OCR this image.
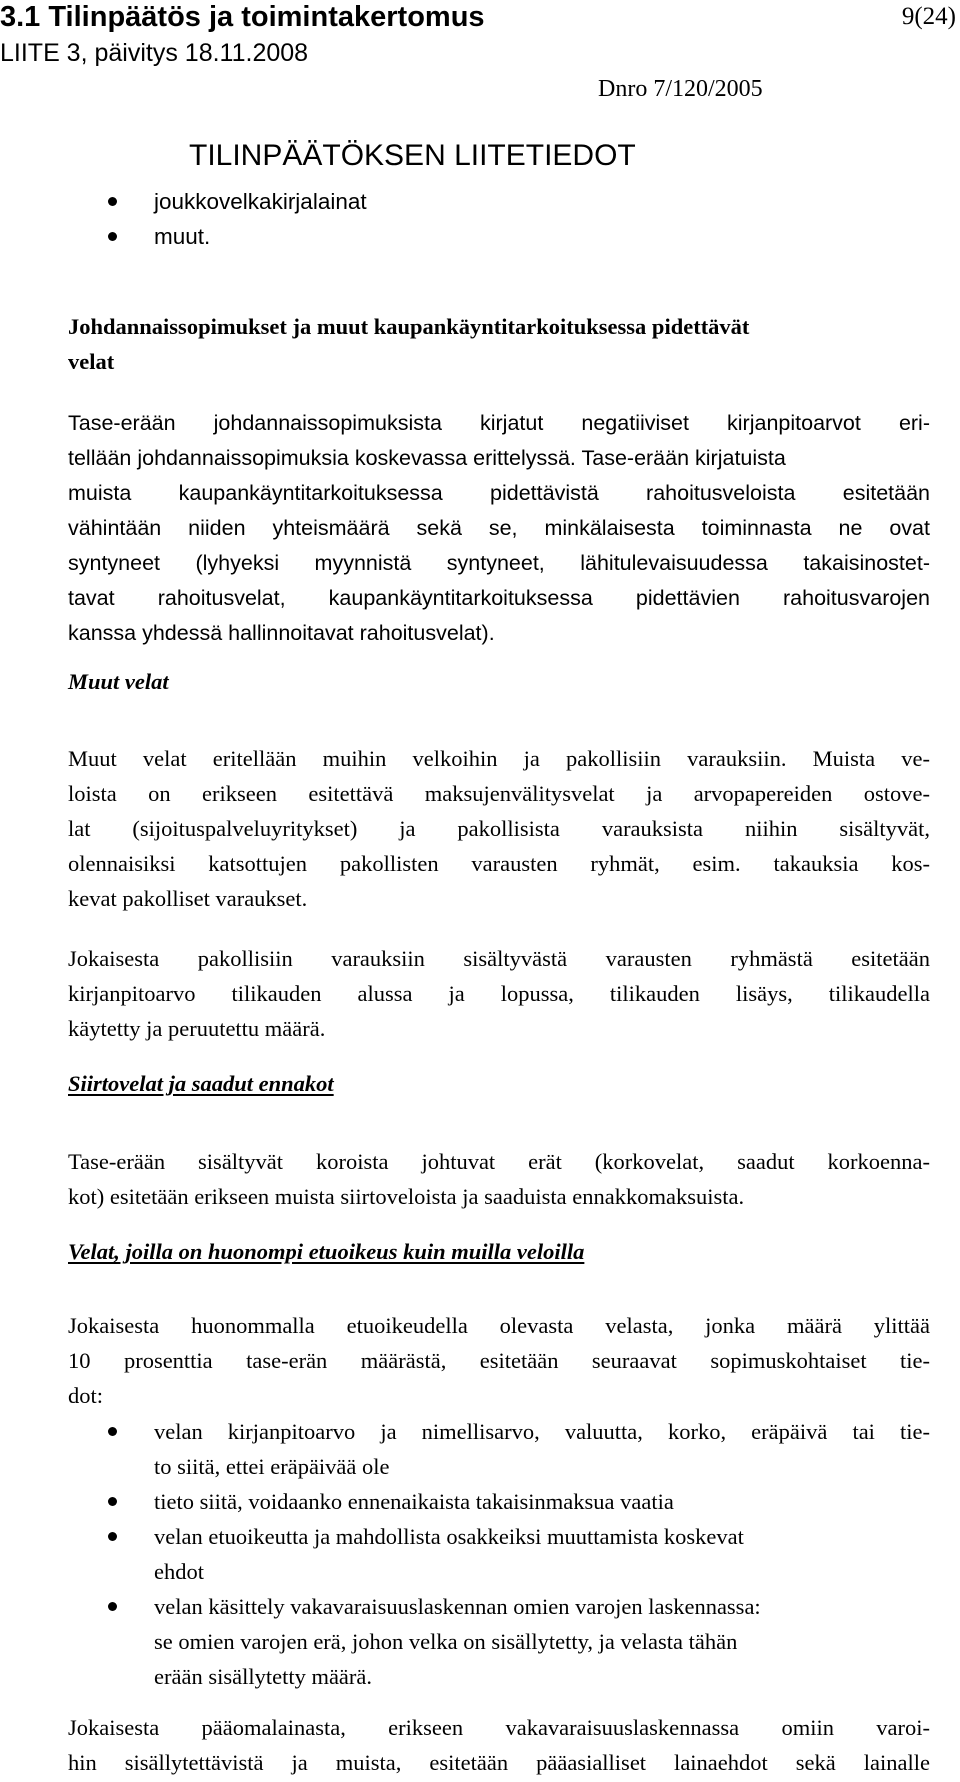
3.1 Tilinpäätös ja toimintakertomus	9(24)
LIITE 3, päivitys 18.11.2008
Dnro 7/120/2005
TILINPÄÄTÖKSEN LIITETIEDOT
joukkovelkakirjalainat
muut.
Johdannaissopimukset ja muut kaupankäyntitarkoituksessa pidettävät
velat
Tase-erään johdannaissopimuksista kirjatut negatiiviset kirjanpitoarvot eri-
tellään johdannaissopimuksia koskevassa erittelyssä. Tase-erään kirjatuista
muista kaupankäyntitarkoituksessa pidettävistä rahoitusveloista esitetään
vähintään niiden yhteismäärä sekä se, minkälaisesta toiminnasta ne ovat
syntyneet (lyhyeksi myynnistä syntyneet, lähitulevaisuudessa takaisinostet-
tavat rahoitusvelat, kaupankäyntitarkoituksessa pidettävien rahoitusvarojen
kanssa yhdessä hallinnoitavat rahoitusvelat).
Muut velat
Muut velat eritellään muihin velkoihin ja pakollisiin varauksiin. Muista ve-
loista on erikseen esitettävä maksujenvälitysvelat ja arvopapereiden ostove-
lat (sijoituspalveluyritykset) ja pakollisista varauksista niihin sisältyvät,
olennaisiksi katsottujen pakollisten varausten ryhmät, esim. takauksia kos-
kevat pakolliset varaukset.
Jokaisesta pakollisiin varauksiin sisältyvästä varausten ryhmästä esitetään
kirjanpitoarvo tilikauden alussa ja lopussa, tilikauden lisäys, tilikaudella
käytetty ja peruutettu määrä.
Siirtovelat ja saadut ennakot
Tase-erään sisältyvät koroista johtuvat erät (korkovelat, saadut korkoenna-
kot) esitetään erikseen muista siirtoveloista ja saaduista ennakkomaksuista.
Velat, joilla on huonompi etuoikeus kuin muilla veloilla
Jokaisesta huonommalla etuoikeudella olevasta velasta, jonka määrä ylittää
10 prosenttia tase-erän määrästä, esitetään seuraavat sopimuskohtaiset tie-
dot:
velan kirjanpitoarvo ja nimellisarvo, valuutta, korko, eräpäivä tai tie-
to siitä, ettei eräpäivää ole
tieto siitä, voidaanko ennenaikaista takaisinmaksua vaatia
velan etuoikeutta ja mahdollista osakkeiksi muuttamista koskevat
ehdot
velan käsittely vakavaraisuuslaskennan omien varojen laskennassa:
se omien varojen erä, johon velka on sisällytetty, ja velasta tähän
erään sisällytetty määrä.
Jokaisesta pääomalainasta, erikseen vakavaraisuuslaskennassa omiin varoi-
hin sisällytettävistä ja muista, esitetään pääasialliset lainaehdot sekä lainalle
